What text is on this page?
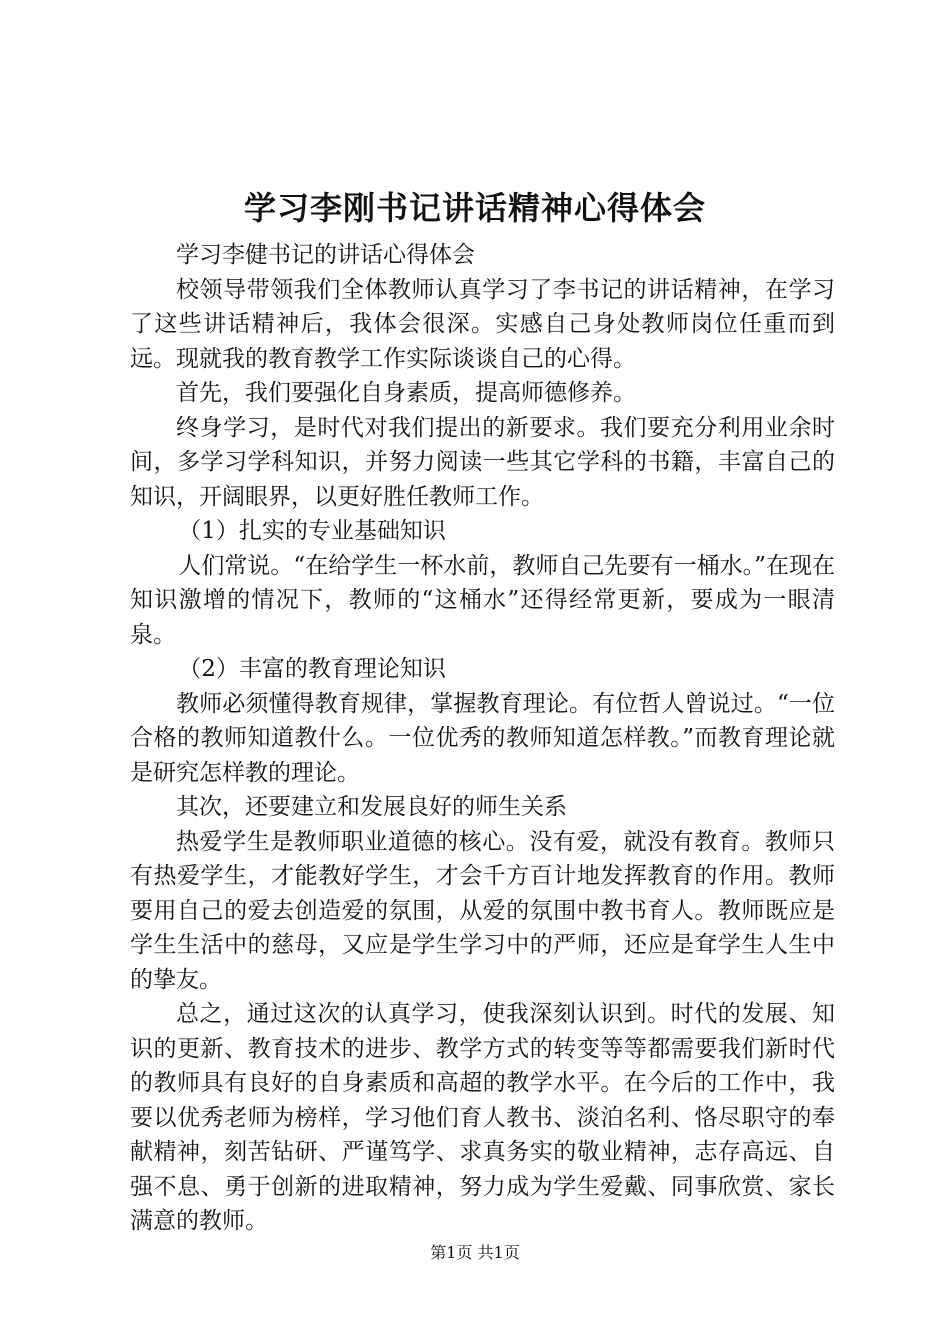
学习李刚书记讲话精神心得体会

学习李健书记的讲话心得体会

校领导带领我们全体教师认真学习了李书记的讲话精神，在学习了这些讲话精神后，我体会很深。实感自己身处教师岗位任重而到远。现就我的教育教学工作实际谈谈自己的心得。

首先，我们要强化自身素质，提高师德修养。

终身学习，是时代对我们提出的新要求。我们要充分利用业余时间，多学习学科知识，并努力阅读一些其它学科的书籍，丰富自己的知识，开阔眼界，以更好胜任教师工作。

（1）扎实的专业基础知识

人们常说。“在给学生一杯水前，教师自己先要有一桶水。”在现在知识激增的情况下，教师的“这桶水”还得经常更新，要成为一眼清泉。

（2）丰富的教育理论知识

教师必须懂得教育规律，掌握教育理论。有位哲人曾说过。“一位合格的教师知道教什么。一位优秀的教师知道怎样教。”而教育理论就是研究怎样教的理论。

其次，还要建立和发展良好的师生关系

热爱学生是教师职业道德的核心。没有爱，就没有教育。教师只有热爱学生，才能教好学生，才会千方百计地发挥教育的作用。教师要用自己的爱去创造爱的氛围，从爱的氛围中教书育人。教师既应是学生生活中的慈母，又应是学生学习中的严师，还应是耷学生人生中的挚友。

总之，通过这次的认真学习，使我深刻认识到。时代的发展、知识的更新、教育技术的进步、教学方式的转变等等都需要我们新时代的教师具有良好的自身素质和高超的教学水平。在今后的工作中，我要以优秀老师为榜样，学习他们育人教书、淡泊名利、恪尽职守的奉献精神，刻苦钻研、严谨笃学、求真务实的敬业精神，志存高远、自强不息、勇于创新的进取精神，努力成为学生爱戴、同事欣赏、家长满意的教师。

第1页 共1页
